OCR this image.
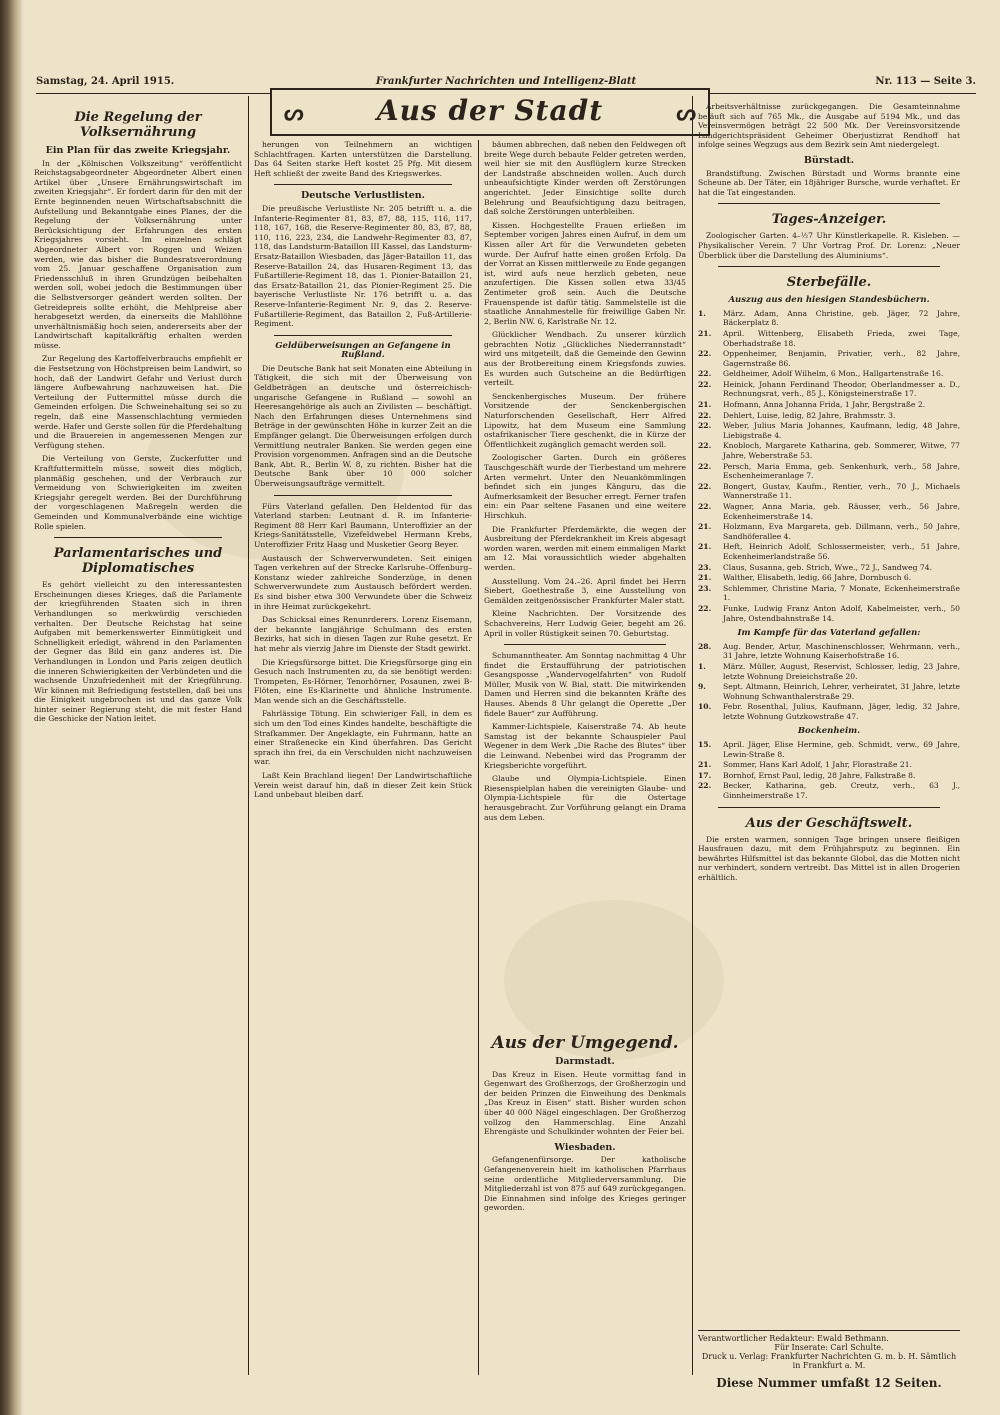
Samstag, 24. April 1915.	Frankfurter Nachrichten und Intelligenz-Blatt	Nr. 113 — Seite 3.
ᔕ	Aus der Stadt	ᔕ
Die Regelung der Volksernährung
Ein Plan für das zweite Kriegsjahr.

In der „Kölnischen Volkszeitung“ veröffentlicht Reichstagsabgeordneter Abgeordneter Albert einen Artikel über „Unsere Ernährungswirtschaft im zweiten Kriegsjahr“. Er fordert darin für den mit der Ernte beginnenden neuen Wirtschaftsabschnitt die Aufstellung und Bekanntgabe eines Planes, der die Regelung der Volksernährung unter Berücksichtigung der Erfahrungen des ersten Kriegsjahres vorsieht. Im einzelnen schlägt Abgeordneter Albert vor: Roggen und Weizen werden, wie das bisher die Bundesratsverordnung vom 25. Januar geschaffene Organisation zum Friedensschluß in ihren Grundzügen beibehalten werden soll, wobei jedoch die Bestimmungen über die Selbstversorger geändert werden sollten. Der Getreidepreis sollte erhöht, die Mehlpreise aber herabgesetzt werden, da einerseits die Mahllöhne unverhältnismäßig hoch seien, andererseits aber der Landwirtschaft kapitalkräftig erhalten werden müsse.

Zur Regelung des Kartoffelverbrauchs empfiehlt er die Festsetzung von Höchstpreisen beim Landwirt, so hoch, daß der Landwirt Gefahr und Verlust durch längere Aufbewahrung nachzuweisen hat. Die Verteilung der Futtermittel müsse durch die Gemeinden erfolgen. Die Schweinehaltung sei so zu regeln, daß eine Massenschlachtung vermieden werde. Hafer und Gerste sollen für die Pferdehaltung und die Brauereien in angemessenen Mengen zur Verfügung stehen.

Die Verteilung von Gerste, Zuckerfutter und Kraftfuttermitteln müsse, soweit dies möglich, planmäßig geschehen, und der Verbrauch zur Vermeidung von Schwierigkeiten im zweiten Kriegsjahr geregelt werden. Bei der Durchführung der vorgeschlagenen Maßregeln werden die Gemeinden und Kommunalverbände eine wichtige Rolle spielen.

Parlamentarisches und Diplomatisches

Es gehört vielleicht zu den interessantesten Erscheinungen dieses Krieges, daß die Parlamente der kriegführenden Staaten sich in ihren Verhandlungen so merkwürdig verschieden verhalten. Der Deutsche Reichstag hat seine Aufgaben mit bemerkenswerter Einmütigkeit und Schnelligkeit erledigt, während in den Parlamenten der Gegner das Bild ein ganz anderes ist. Die Verhandlungen in London und Paris zeigen deutlich die inneren Schwierigkeiten der Verbündeten und die wachsende Unzufriedenheit mit der Kriegführung. Wir können mit Befriedigung feststellen, daß bei uns die Einigkeit ungebrochen ist und das ganze Volk hinter seiner Regierung steht, die mit fester Hand die Geschicke der Nation leitet.

herungen von Teilnehmern an wichtigen Schlachtfragen. Karten unterstützen die Darstellung. Das 64 Seiten starke Heft kostet 25 Pfg. Mit diesem Heft schließt der zweite Band des Kriegswerkes.

Deutsche Verlustlisten.

Die preußische Verlustliste Nr. 205 betrifft u. a. die Infanterie-Regimenter 81, 83, 87, 88, 115, 116, 117, 118, 167, 168, die Reserve-Regimenter 80, 83, 87, 88, 110, 116, 223, 234, die Landwehr-Regimenter 83, 87, 118, das Landsturm-Bataillon III Kassel, das Landsturm-Ersatz-Bataillon Wiesbaden, das Jäger-Bataillon 11, das Reserve-Bataillon 24, das Husaren-Regiment 13, das Fußartillerie-Regiment 18, das 1. Pionier-Bataillon 21, das Ersatz-Bataillon 21, das Pionier-Regiment 25. Die bayerische Verlustliste Nr. 176 betrifft u. a. das Reserve-Infanterie-Regiment Nr. 9, das 2. Reserve-Fußartillerie-Regiment, das Bataillon 2, Fuß-Artillerie-Regiment.

Geldüberweisungen an Gefangene in Rußland.

Die Deutsche Bank hat seit Monaten eine Abteilung in Tätigkeit, die sich mit der Überweisung von Geldbeträgen an deutsche und österreichisch-ungarische Gefangene in Rußland — sowohl an Heeresangehörige als auch an Zivilisten — beschäftigt. Nach den Erfahrungen dieses Unternehmens sind Beträge in der gewünschten Höhe in kurzer Zeit an die Empfänger gelangt. Die Überweisungen erfolgen durch Vermittlung neutraler Banken. Sie werden gegen eine Provision vorgenommen. Anfragen sind an die Deutsche Bank, Abt. R., Berlin W. 8, zu richten. Bisher hat die Deutsche Bank über 10 000 solcher Überweisungsaufträge vermittelt.

Fürs Vaterland gefallen. Den Heldentod für das Vaterland starben: Leutnant d. R. im Infanterie-Regiment 88 Herr Karl Baumann, Unteroffizier an der Kriegs-Sanitätsstelle, Vizefeldwebel Hermann Krebs, Unteroffizier Fritz Haag und Musketier Georg Beyer.

Austausch der Schwerverwundeten. Seit einigen Tagen verkehren auf der Strecke Karlsruhe–Offenburg–Konstanz wieder zahlreiche Sonderzüge, in denen Schwerverwundete zum Austausch befördert werden. Es sind bisher etwa 300 Verwundete über die Schweiz in ihre Heimat zurückgekehrt.

Das Schicksal eines Renunrderers. Lorenz Eisemann, der bekannte langjährige Schulmann des ersten Bezirks, hat sich in diesen Tagen zur Ruhe gesetzt. Er hat mehr als vierzig Jahre im Dienste der Stadt gewirkt.

Die Kriegsfürsorge bittet. Die Kriegsfürsorge ging ein Gesuch nach Instrumenten zu, da sie benötigt werden: Trompeten, Es-Hörner, Tenorhörner, Posaunen, zwei B-Flöten, eine Es-Klarinette und ähnliche Instrumente. Man wende sich an die Geschäftsstelle.

Fahrlässige Tötung. Ein schwieriger Fall, in dem es sich um den Tod eines Kindes handelte, beschäftigte die Strafkammer. Der Angeklagte, ein Fuhrmann, hatte an einer Straßenecke ein Kind überfahren. Das Gericht sprach ihn frei, da ein Verschulden nicht nachzuweisen war.

Laßt Kein Brachland liegen! Der Landwirtschaftliche Verein weist darauf hin, daß in dieser Zeit kein Stück Land unbebaut bleiben darf.

bäumen abbrechen, daß neben den Feldwegen oft breite Wege durch bebaute Felder getreten werden, weil hier sie mit den Ausflüglern kurze Strecken der Landstraße abschneiden wollen. Auch durch unbeaufsichtigte Kinder werden oft Zerstörungen angerichtet. Jeder Einsichtige sollte durch Belehrung und Beaufsichtigung dazu beitragen, daß solche Zerstörungen unterbleiben.

Kissen. Hochgestellte Frauen erließen im September vorigen Jahres einen Aufruf, in dem um Kissen aller Art für die Verwundeten gebeten wurde. Der Aufruf hatte einen großen Erfolg. Da der Vorrat an Kissen mittlerweile zu Ende gegangen ist, wird aufs neue herzlich gebeten, neue anzufertigen. Die Kissen sollen etwa 33/45 Zentimeter groß sein. Auch die Deutsche Frauenspende ist dafür tätig. Sammelstelle ist die staatliche Annahmestelle für freiwillige Gaben Nr. 2, Berlin NW. 6, Karlstraße Nr. 12.

Glücklicher Wendbach. Zu unserer kürzlich gebrachten Notiz „Glückliches Niederrannstadt“ wird uns mitgeteilt, daß die Gemeinde den Gewinn aus der Brotbereitung einem Kriegsfonds zuwies. Es wurden auch Gutscheine an die Bedürftigen verteilt.

Senckenbergisches Museum. Der frühere Vorsitzende der Senckenbergischen Naturforschenden Gesellschaft, Herr Alfred Lipowitz, hat dem Museum eine Sammlung ostafrikanischer Tiere geschenkt, die in Kürze der Öffentlichkeit zugänglich gemacht werden soll.

Zoologischer Garten. Durch ein größeres Tauschgeschäft wurde der Tierbestand um mehrere Arten vermehrt. Unter den Neuankömmlingen befindet sich ein junges Känguru, das die Aufmerksamkeit der Besucher erregt. Ferner trafen ein: ein Paar seltene Fasanen und eine weitere Hirschkuh.

Die Frankfurter Pferdemärkte, die wegen der Ausbreitung der Pferdekrankheit im Kreis abgesagt worden waren, werden mit einem einmaligen Markt am 12. Mai voraussichtlich wieder abgehalten werden.

Ausstellung. Vom 24.–26. April findet bei Herrn Siebert, Goethestraße 3, eine Ausstellung von Gemälden zeitgenössischer Frankfurter Maler statt.

Kleine Nachrichten. Der Vorsitzende des Schachvereins, Herr Ludwig Geier, begeht am 26. April in voller Rüstigkeit seinen 70. Geburtstag.

Schumanntheater. Am Sonntag nachmittag 4 Uhr findet die Erstaufführung der patriotischen Gesangsposse „Wandervogelfahrten“ von Rudolf Müller, Musik von W. Bial, statt. Die mitwirkenden Damen und Herren sind die bekannten Kräfte des Hauses. Abends 8 Uhr gelangt die Operette „Der fidele Bauer“ zur Aufführung.

Kammer-Lichtspiele, Kaiserstraße 74. Ab heute Samstag ist der bekannte Schauspieler Paul Wegener in dem Werk „Die Rache des Blutes“ über die Leinwand. Nebenbei wird das Programm der Kriegsberichte vorgeführt.

Glaube und Olympia-Lichtspiele. Einen Riesenspielplan haben die vereinigten Glaube- und Olympia-Lichtspiele für die Ostertage herausgebracht. Zur Vorführung gelangt ein Drama aus dem Leben.

Aus der Umgegend.
Darmstadt.

Das Kreuz in Eisen. Heute vormittag fand in Gegenwart des Großherzogs, der Großherzogin und der beiden Prinzen die Einweihung des Denkmals „Das Kreuz in Eisen“ statt. Bisher wurden schon über 40 000 Nägel eingeschlagen. Der Großherzog vollzog den Hammerschlag. Eine Anzahl Ehrengäste und Schulkinder wohnten der Feier bei.

Wiesbaden.

Gefangenenfürsorge. Der katholische Gefangenenverein hielt im katholischen Pfarrhaus seine ordentliche Mitgliederversammlung. Die Mitgliederzahl ist von 875 auf 649 zurückgegangen. Die Einnahmen sind infolge des Krieges geringer geworden.

Arbeitsverhältnisse zurückgegangen. Die Gesamteinnahme beläuft sich auf 765 Mk., die Ausgabe auf 5194 Mk., und das Vereinsvermögen beträgt 22 500 Mk. Der Vereinsvorsitzende Landgerichtspräsident Geheimer Oberjustizrat Rendhoff hat infolge seines Wegzugs aus dem Bezirk sein Amt niedergelegt.

Bürstadt.

Brandstiftung. Zwischen Bürstadt und Worms brannte eine Scheune ab. Der Täter, ein 18jähriger Bursche, wurde verhaftet. Er hat die Tat eingestanden.

Tages-Anzeiger.

Zoologischer Garten. 4–½7 Uhr Künstlerkapelle. R. Kisleben. — Physikalischer Verein. 7 Uhr Vortrag Prof. Dr. Lorenz: „Neuer Überblick über die Darstellung des Aluminiums“.

Sterbefälle.
Auszug aus den hiesigen Standesbüchern.
1.	März. Adam, Anna Christine, geb. Jäger, 72 Jahre, Bäckerplatz 8.
21.	April. Wittenberg, Elisabeth Frieda, zwei Tage, Oberhadstraße 18.
22.	Oppenheimer, Benjamin, Privatier, verh., 82 Jahre, Gagernstraße 86.
22.	Geldheimer, Adolf Wilhelm, 6 Mon., Hallgartenstraße 16.
22.	Heinick, Johann Ferdinand Theodor, Oberlandmesser a. D., Rechnungsrat, verh., 85 J., Königsteinerstraße 17.
21.	Hofmann, Anna Johanna Frida, 1 Jahr, Bergstraße 2.
22.	Dehlert, Luise, ledig, 82 Jahre, Brahmsstr. 3.
22.	Weber, Julius Maria Johannes, Kaufmann, ledig, 48 Jahre, Liebigstraße 4.
22.	Knobloch, Margarete Katharina, geb. Sommerer, Witwe, 77 Jahre, Weberstraße 53.
22.	Persch, Maria Emma, geb. Senkenhurk, verh., 58 Jahre, Eschenheimeranlage 7.
22.	Bongert, Gustav, Kaufm., Rentier, verh., 70 J., Michaels Wannerstraße 11.
22.	Wagner, Anna Maria, geb. Räusser, verh., 56 Jahre, Eckenheimerstraße 14.
21.	Holzmann, Eva Margareta, geb. Dillmann, verh., 50 Jahre, Sandhöferallee 4.
21.	Heft, Heinrich Adolf, Schlossermeister, verh., 51 Jahre, Eckenheimerlandstraße 56.
23.	Claus, Susanna, geb. Strich, Wwe., 72 J., Sandweg 74.
21.	Walther, Elisabeth, ledig, 66 Jahre, Dornbusch 6.
23.	Schlemmer, Christine Maria, 7 Monate, Eckenheimerstraße 1.
22.	Funke, Ludwig Franz Anton Adolf, Kabelmeister, verh., 50 Jahre, Ostendbahnstraße 14.
Im Kampfe für das Vaterland gefallen:
28.	Aug. Bender, Artur, Maschinenschlosser, Wehrmann, verh., 31 Jahre, letzte Wohnung Kaiserhofstraße 16.
1.	März. Müller, August, Reservist, Schlosser, ledig, 23 Jahre, letzte Wohnung Dreieichstraße 20.
9.	Sept. Altmann, Heinrich, Lehrer, verheiratet, 31 Jahre, letzte Wohnung Schwanthalerstraße 29.
10.	Febr. Rosenthal, Julius, Kaufmann, Jäger, ledig, 32 Jahre, letzte Wohnung Gutzkowstraße 47.
Bockenheim.
15.	April. Jäger, Elise Hermine, geb. Schmidt, verw., 69 Jahre, Lewin-Straße 8.
21.	Sommer, Hans Karl Adolf, 1 Jahr, Florastraße 21.
17.	Bornhof, Ernst Paul, ledig, 28 Jahre, Falkstraße 8.
22.	Becker, Katharina, geb. Creutz, verh., 63 J., Ginnheimerstraße 17.
Aus der Geschäftswelt.

Die ersten warmen, sonnigen Tage bringen unsere fleißigen Hausfrauen dazu, mit dem Frühjahrsputz zu beginnen. Ein bewährtes Hilfsmittel ist das bekannte Globol, das die Motten nicht nur verhindert, sondern vertreibt. Das Mittel ist in allen Drogerien erhältlich.

Verantwortlicher Redakteur: Ewald Bethmann.
Für Inserate: Carl Schulte.
Druck u. Verlag: Frankfurter Nachrichten G. m. b. H. Sämtlich in Frankfurt a. M.
Diese Nummer umfaßt 12 Seiten.
